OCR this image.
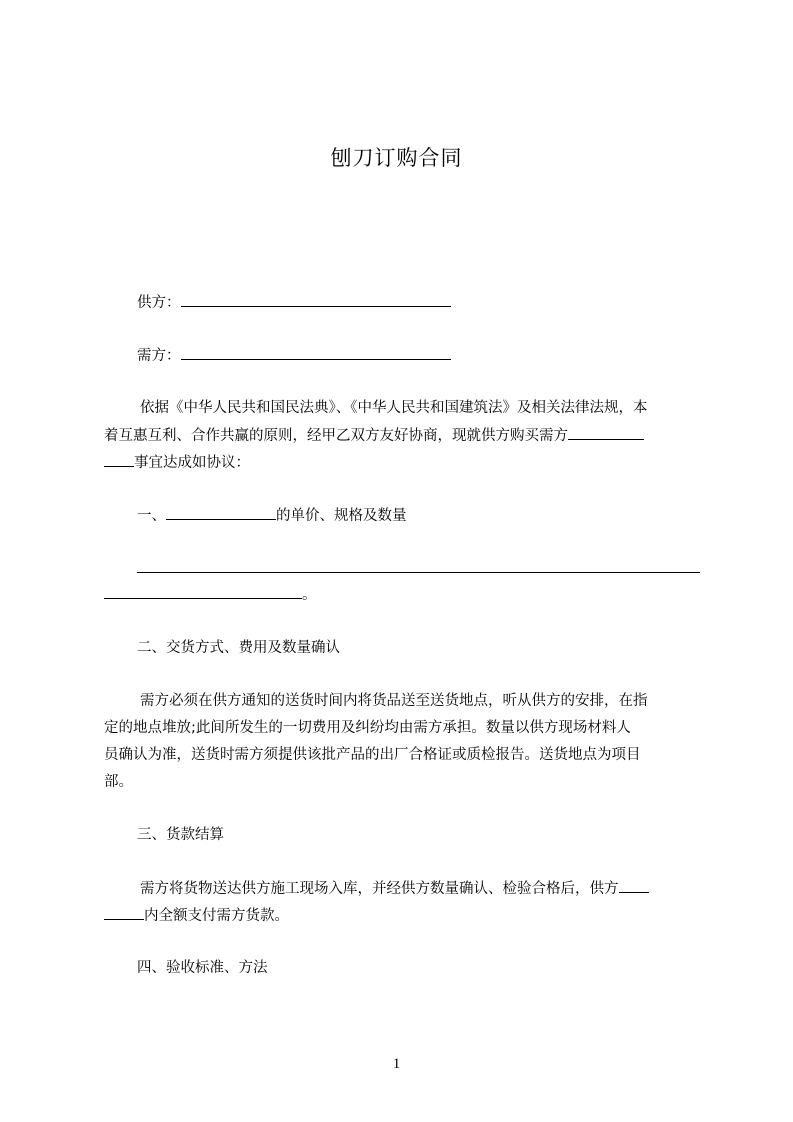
刨刀订购合同
供方：
需方：
依据《中华人民共和国民法典》、《中华人民共和国建筑法》及相关法律法规，本
着互惠互利、合作共赢的原则，经甲乙双方友好协商，现就供方购买需方
事宜达成如协议：
一、	的单价、规格及数量
。
二、交货方式、费用及数量确认
需方必须在供方通知的送货时间内将货品送至送货地点，听从供方的安排，在指
定的地点堆放;此间所发生的一切费用及纠纷均由需方承担。数量以供方现场材料人
员确认为准，送货时需方须提供该批产品的出厂合格证或质检报告。送货地点为项目
部。
三、货款结算
需方将货物送达供方施工现场入库，并经供方数量确认、检验合格后，供方
内全额支付需方货款。
四、验收标准、方法
1
